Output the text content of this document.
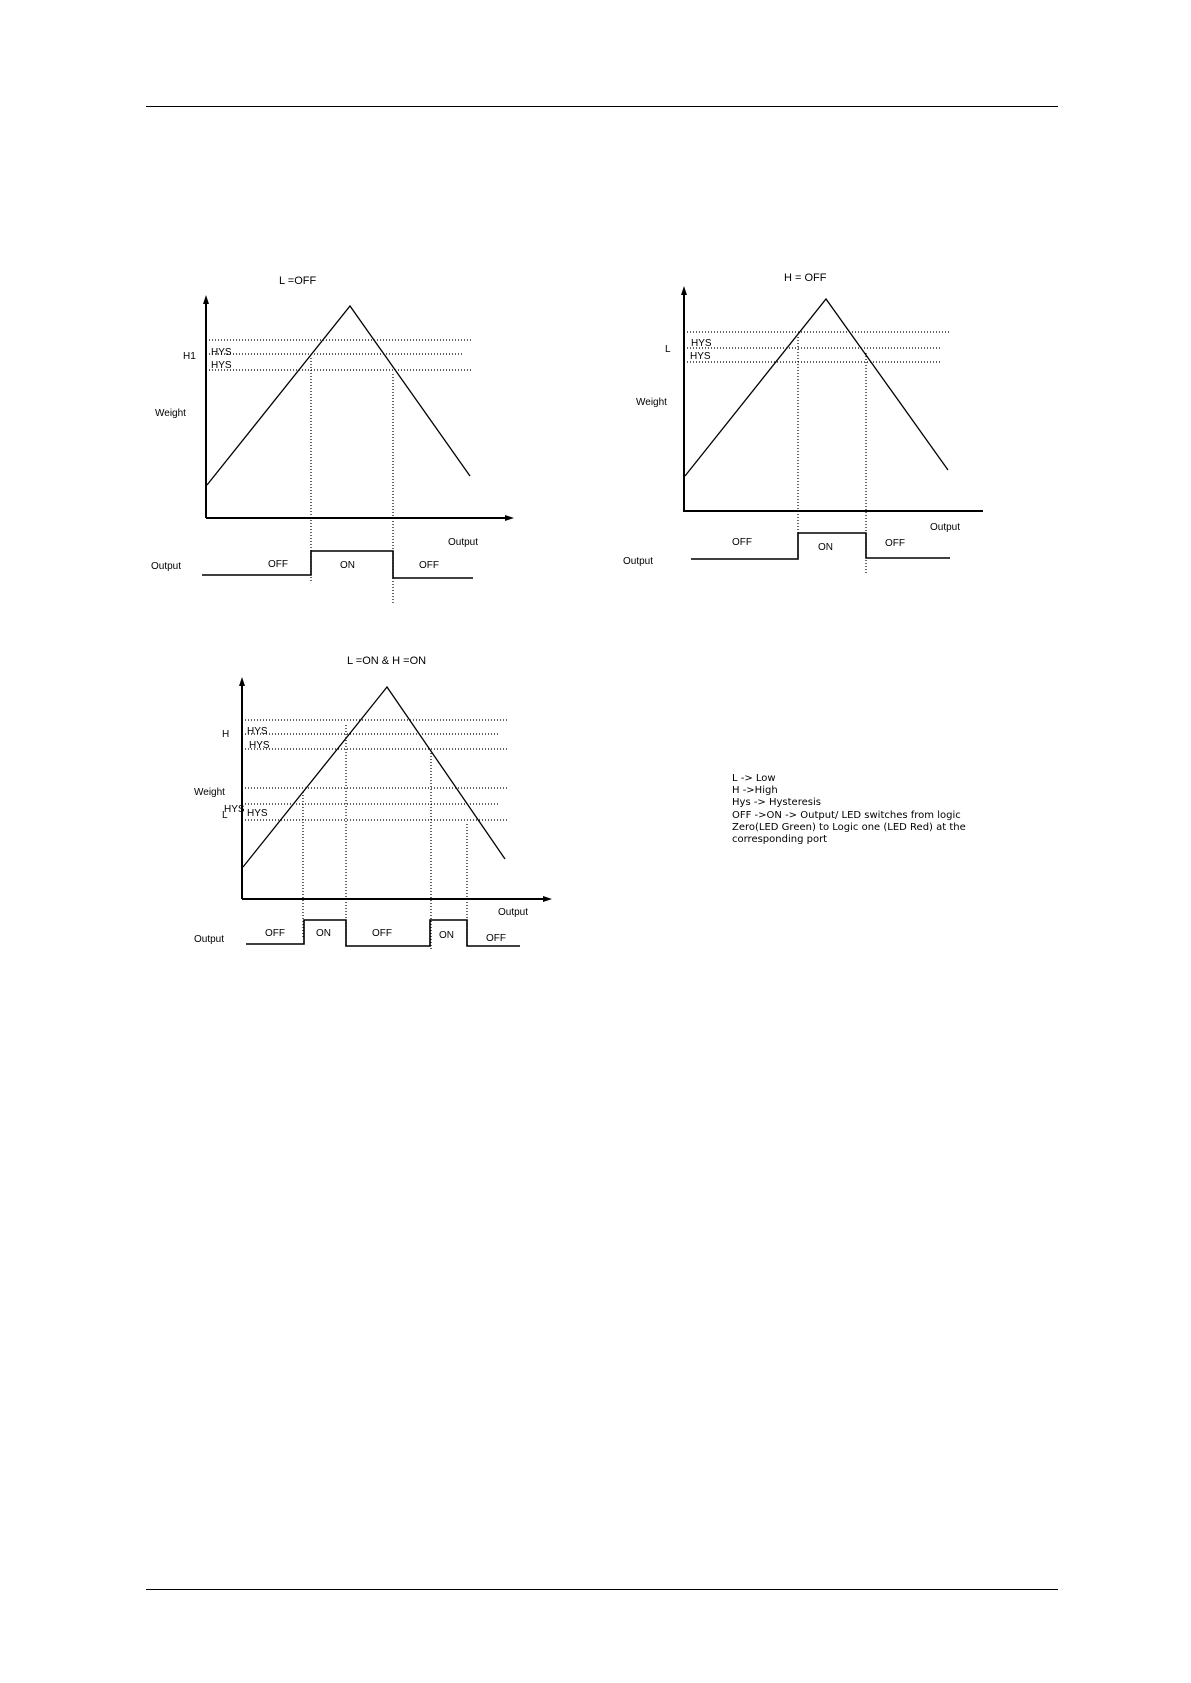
L =OFF
H1 HYS
HYS
Weight
Output
Output	OFF	ON	OFF
H = OFF
L
HYS
HYS
Weight
Output
Output
OFF	ON	OFF
L =ON & H =ON
H HYS
HYS
Weight
HYS
L HYS
Output
Output
OFF	ON	OFF	ON	OFF
L -> Low
H ->High
Hys -> Hysteresis
OFF ->ON -> Output/ LED switches from logic
Zero(LED Green) to Logic one (LED Red) at the
corresponding port
